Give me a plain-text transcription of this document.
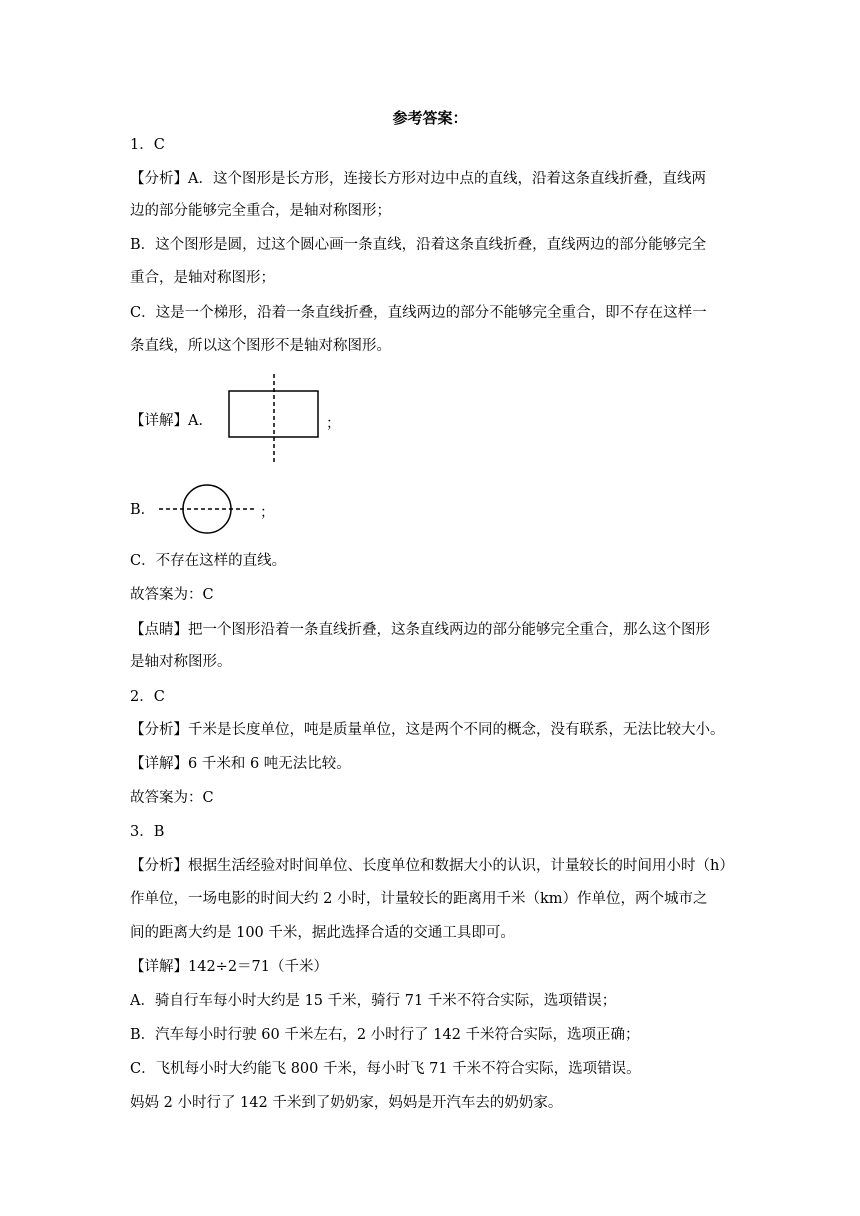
参考答案：
1．C
【分析】A．这个图形是长方形，连接长方形对边中点的直线，沿着这条直线折叠，直线两
边的部分能够完全重合，是轴对称图形；
B．这个图形是圆，过这个圆心画一条直线，沿着这条直线折叠，直线两边的部分能够完全
重合，是轴对称图形；
C．这是一个梯形，沿着一条直线折叠，直线两边的部分不能够完全重合，即不存在这样一
条直线，所以这个图形不是轴对称图形。
【详解】A．	；
B．	；
C．不存在这样的直线。
故答案为：C
【点睛】把一个图形沿着一条直线折叠，这条直线两边的部分能够完全重合，那么这个图形
是轴对称图形。
2．C
【分析】千米是长度单位，吨是质量单位，这是两个不同的概念，没有联系，无法比较大小。
【详解】6 千米和 6 吨无法比较。
故答案为：C
3．B
【分析】根据生活经验对时间单位、长度单位和数据大小的认识，计量较长的时间用小时（h）
作单位，一场电影的时间大约 2 小时，计量较长的距离用千米（km）作单位，两个城市之
间的距离大约是 100 千米，据此选择合适的交通工具即可。
【详解】142÷2＝71（千米）
A．骑自行车每小时大约是 15 千米，骑行 71 千米不符合实际，选项错误；
B．汽车每小时行驶 60 千米左右，2 小时行了 142 千米符合实际，选项正确；
C．飞机每小时大约能飞 800 千米，每小时飞 71 千米不符合实际，选项错误。
妈妈 2 小时行了 142 千米到了奶奶家，妈妈是开汽车去的奶奶家。
